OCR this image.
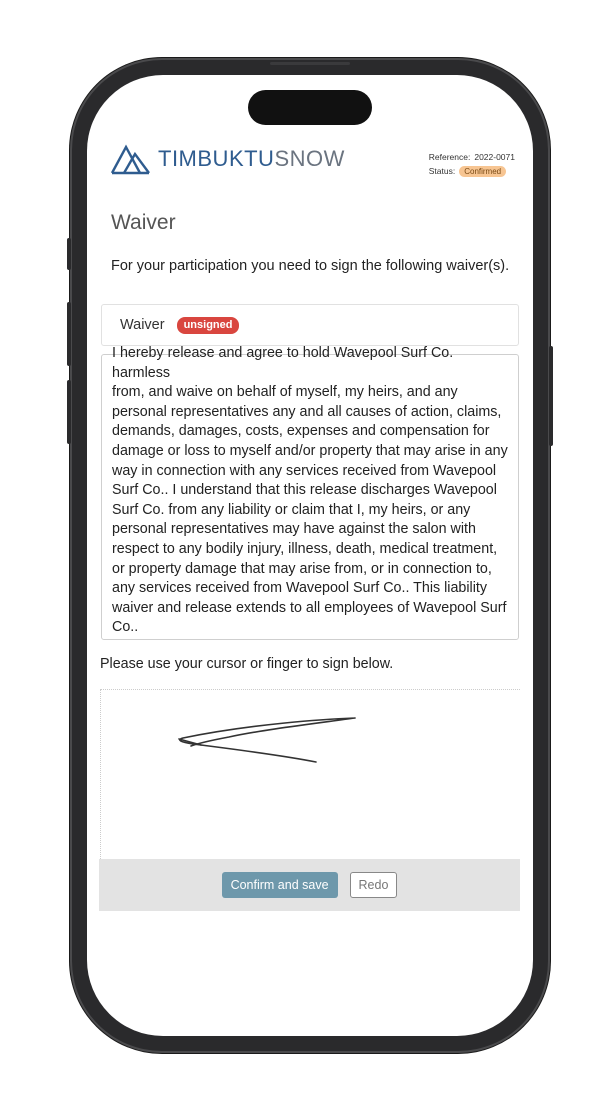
TIMBUKTUSNOW	Reference: 2022-0071
Status:	Confirmed
Waiver
For your participation you need to sign the following waiver(s).
Waiver	unsigned
I hereby release and agree to hold Wavepool Surf Co. harmless
from, and waive on behalf of myself, my heirs, and any personal representatives any and all causes of action, claims, demands, damages, costs, expenses and compensation for damage or loss to myself and/or property that may arise in any way in connection with any services received from Wavepool Surf Co.. I understand that this release discharges Wavepool Surf Co. from any liability or claim that I, my heirs, or any personal representatives may have against the salon with respect to any bodily injury, illness, death, medical treatment, or property damage that may arise from, or in connection to, any services received from Wavepool Surf Co.. This liability waiver and release extends to all employees of Wavepool Surf Co..
Please use your cursor or finger to sign below.
Confirm and save	Redo
